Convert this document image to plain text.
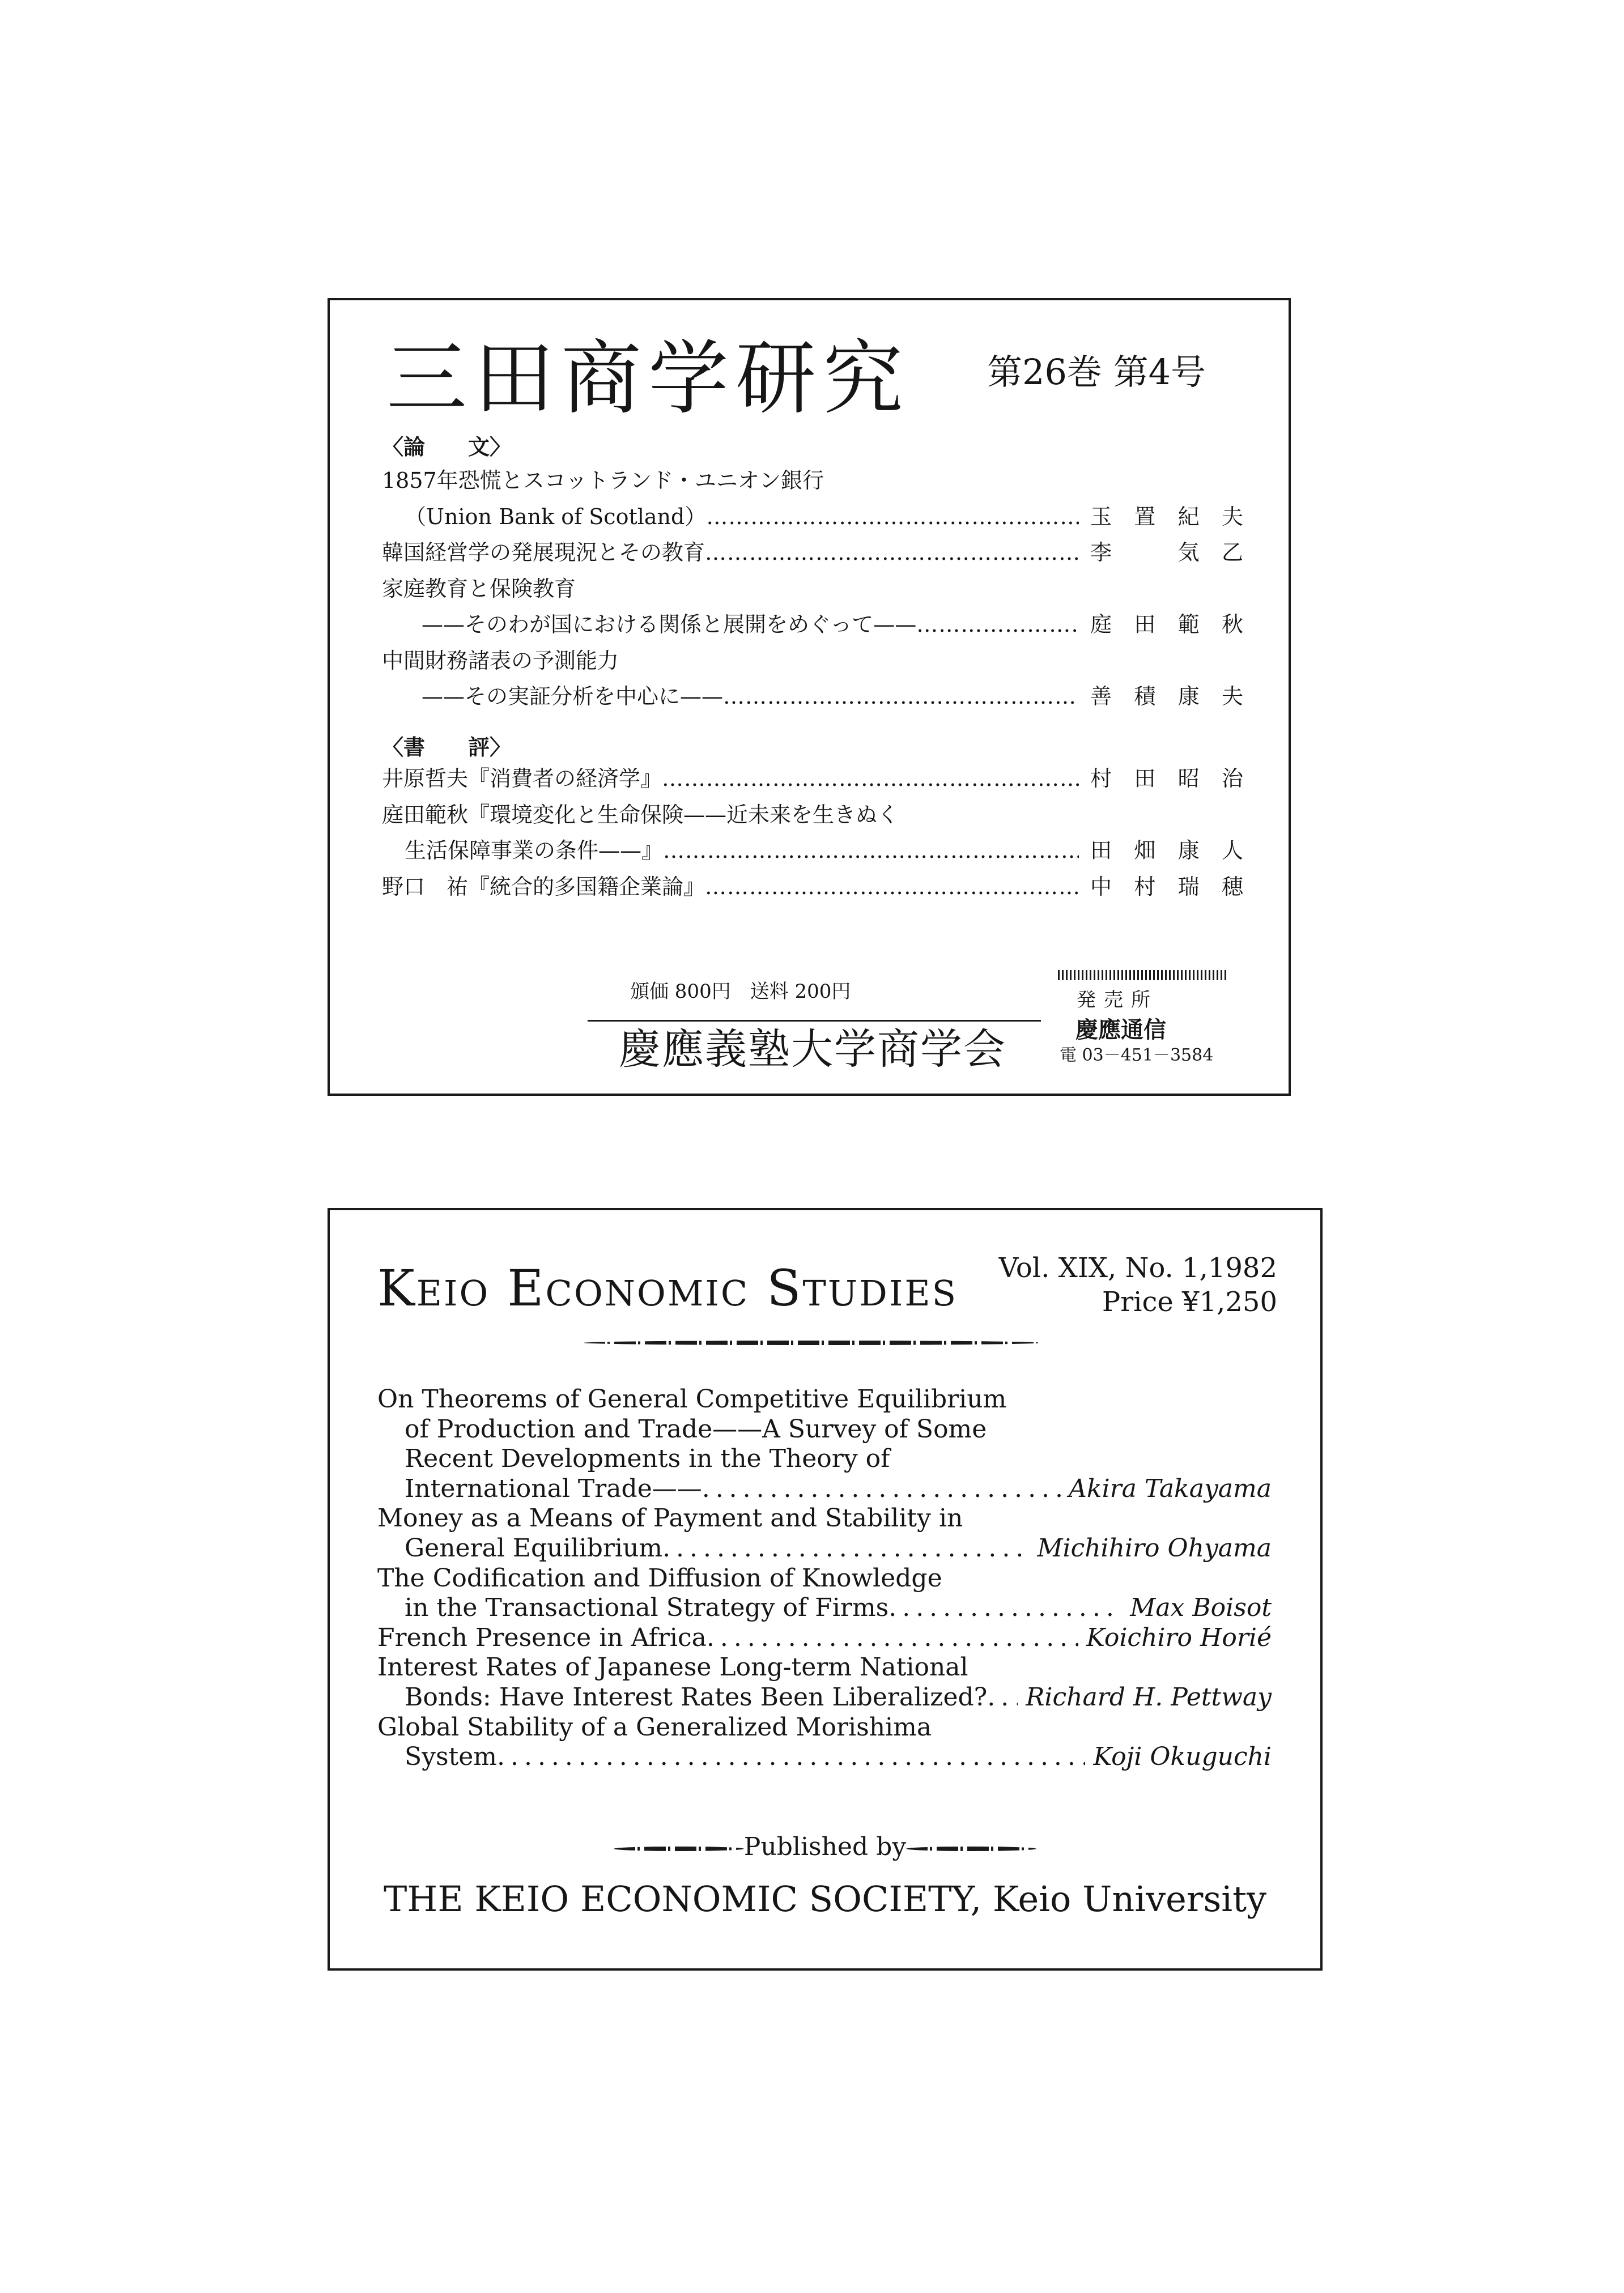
三田商学研究 第26巻 第4号
〈論　　文〉
1857年恐慌とスコットランド・ユニオン銀行
（Union Bank of Scotland） …………………………………………………………………………………………	玉置紀夫
韓国経営学の発展現況とその教育 …………………………………………………………………………………………	李　気乙
家庭教育と保険教育
——そのわが国における関係と展開をめぐって—— …………………………………………………………………………………………	庭田範秋
中間財務諸表の予測能力
——その実証分析を中心に—— …………………………………………………………………………………………	善積康夫
〈書　　評〉
井原哲夫『消費者の経済学』 …………………………………………………………………………………………	村田昭治
庭田範秋『環境変化と生命保険——近未来を生きぬく
生活保障事業の条件——』 …………………………………………………………………………………………	田畑康人
野口　祐『統合的多国籍企業論』 …………………………………………………………………………………………	中村瑞穂
頒価 800円　送料 200円
慶應義塾大学商学会
発売所
慶應通信
電 03－451－3584
Keio Economic Studies Vol. XIX, No. 1,1982
Price ¥1,250
On Theorems of General Competitive Equilibrium
of Production and Trade——A Survey of Some
Recent Developments in the Theory of
International Trade—— . . .	Akira Takayama
Money as a Means of Payment and Stability in
General Equilibrium . . .	Michihiro Ohyama
The Codification and Diffusion of Knowledge
in the Transactional Strategy of Firms . . .	Max Boisot
French Presence in Africa . . .	Koichiro Horié
Interest Rates of Japanese Long-term National
Bonds: Have Interest Rates Been Liberalized? . . .	Richard H. Pettway
Global Stability of a Generalized Morishima
System . . .	Koji Okuguchi
Published by
THE KEIO ECONOMIC SOCIETY, Keio University
